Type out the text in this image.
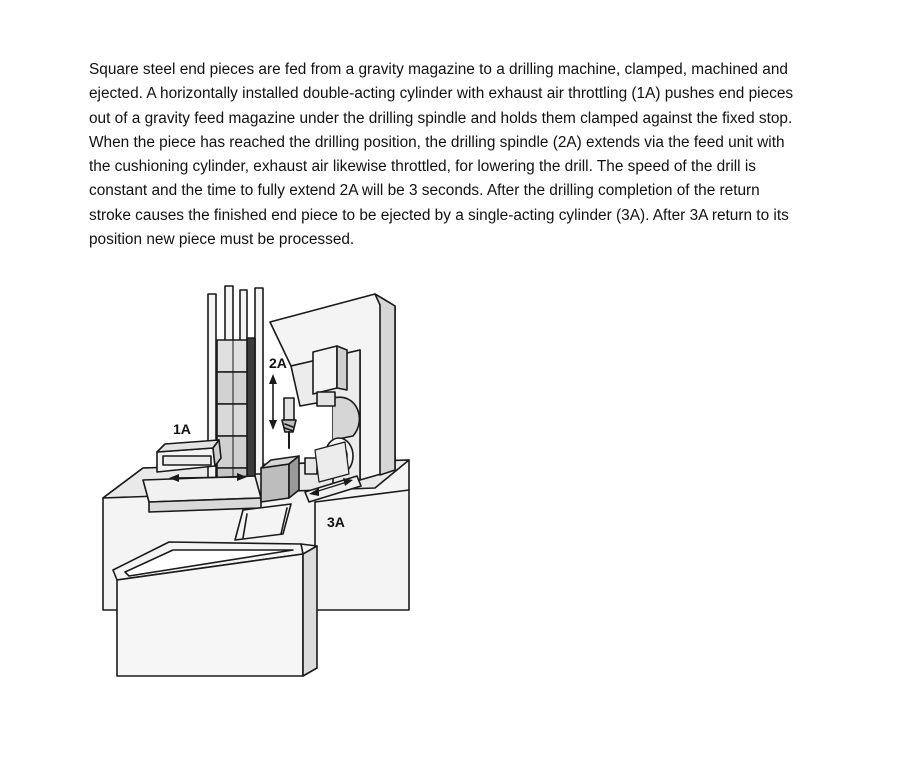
Square steel end pieces are fed from a gravity magazine to a drilling machine, clamped, machined and

ejected. A horizontally installed double-acting cylinder with exhaust air throttling (1A) pushes end pieces

out of a gravity feed magazine under the drilling spindle and holds them clamped against the fixed stop.

When the piece has reached the drilling position, the drilling spindle (2A) extends via the feed unit with

the cushioning cylinder, exhaust air likewise throttled, for lowering the drill. The speed of the drill is

constant and the time to fully extend 2A will be 3 seconds. After the drilling completion of the return

stroke causes the finished end piece to be ejected by a single-acting cylinder (3A). After 3A return to its

position new piece must be processed.

1A
2A
3A
